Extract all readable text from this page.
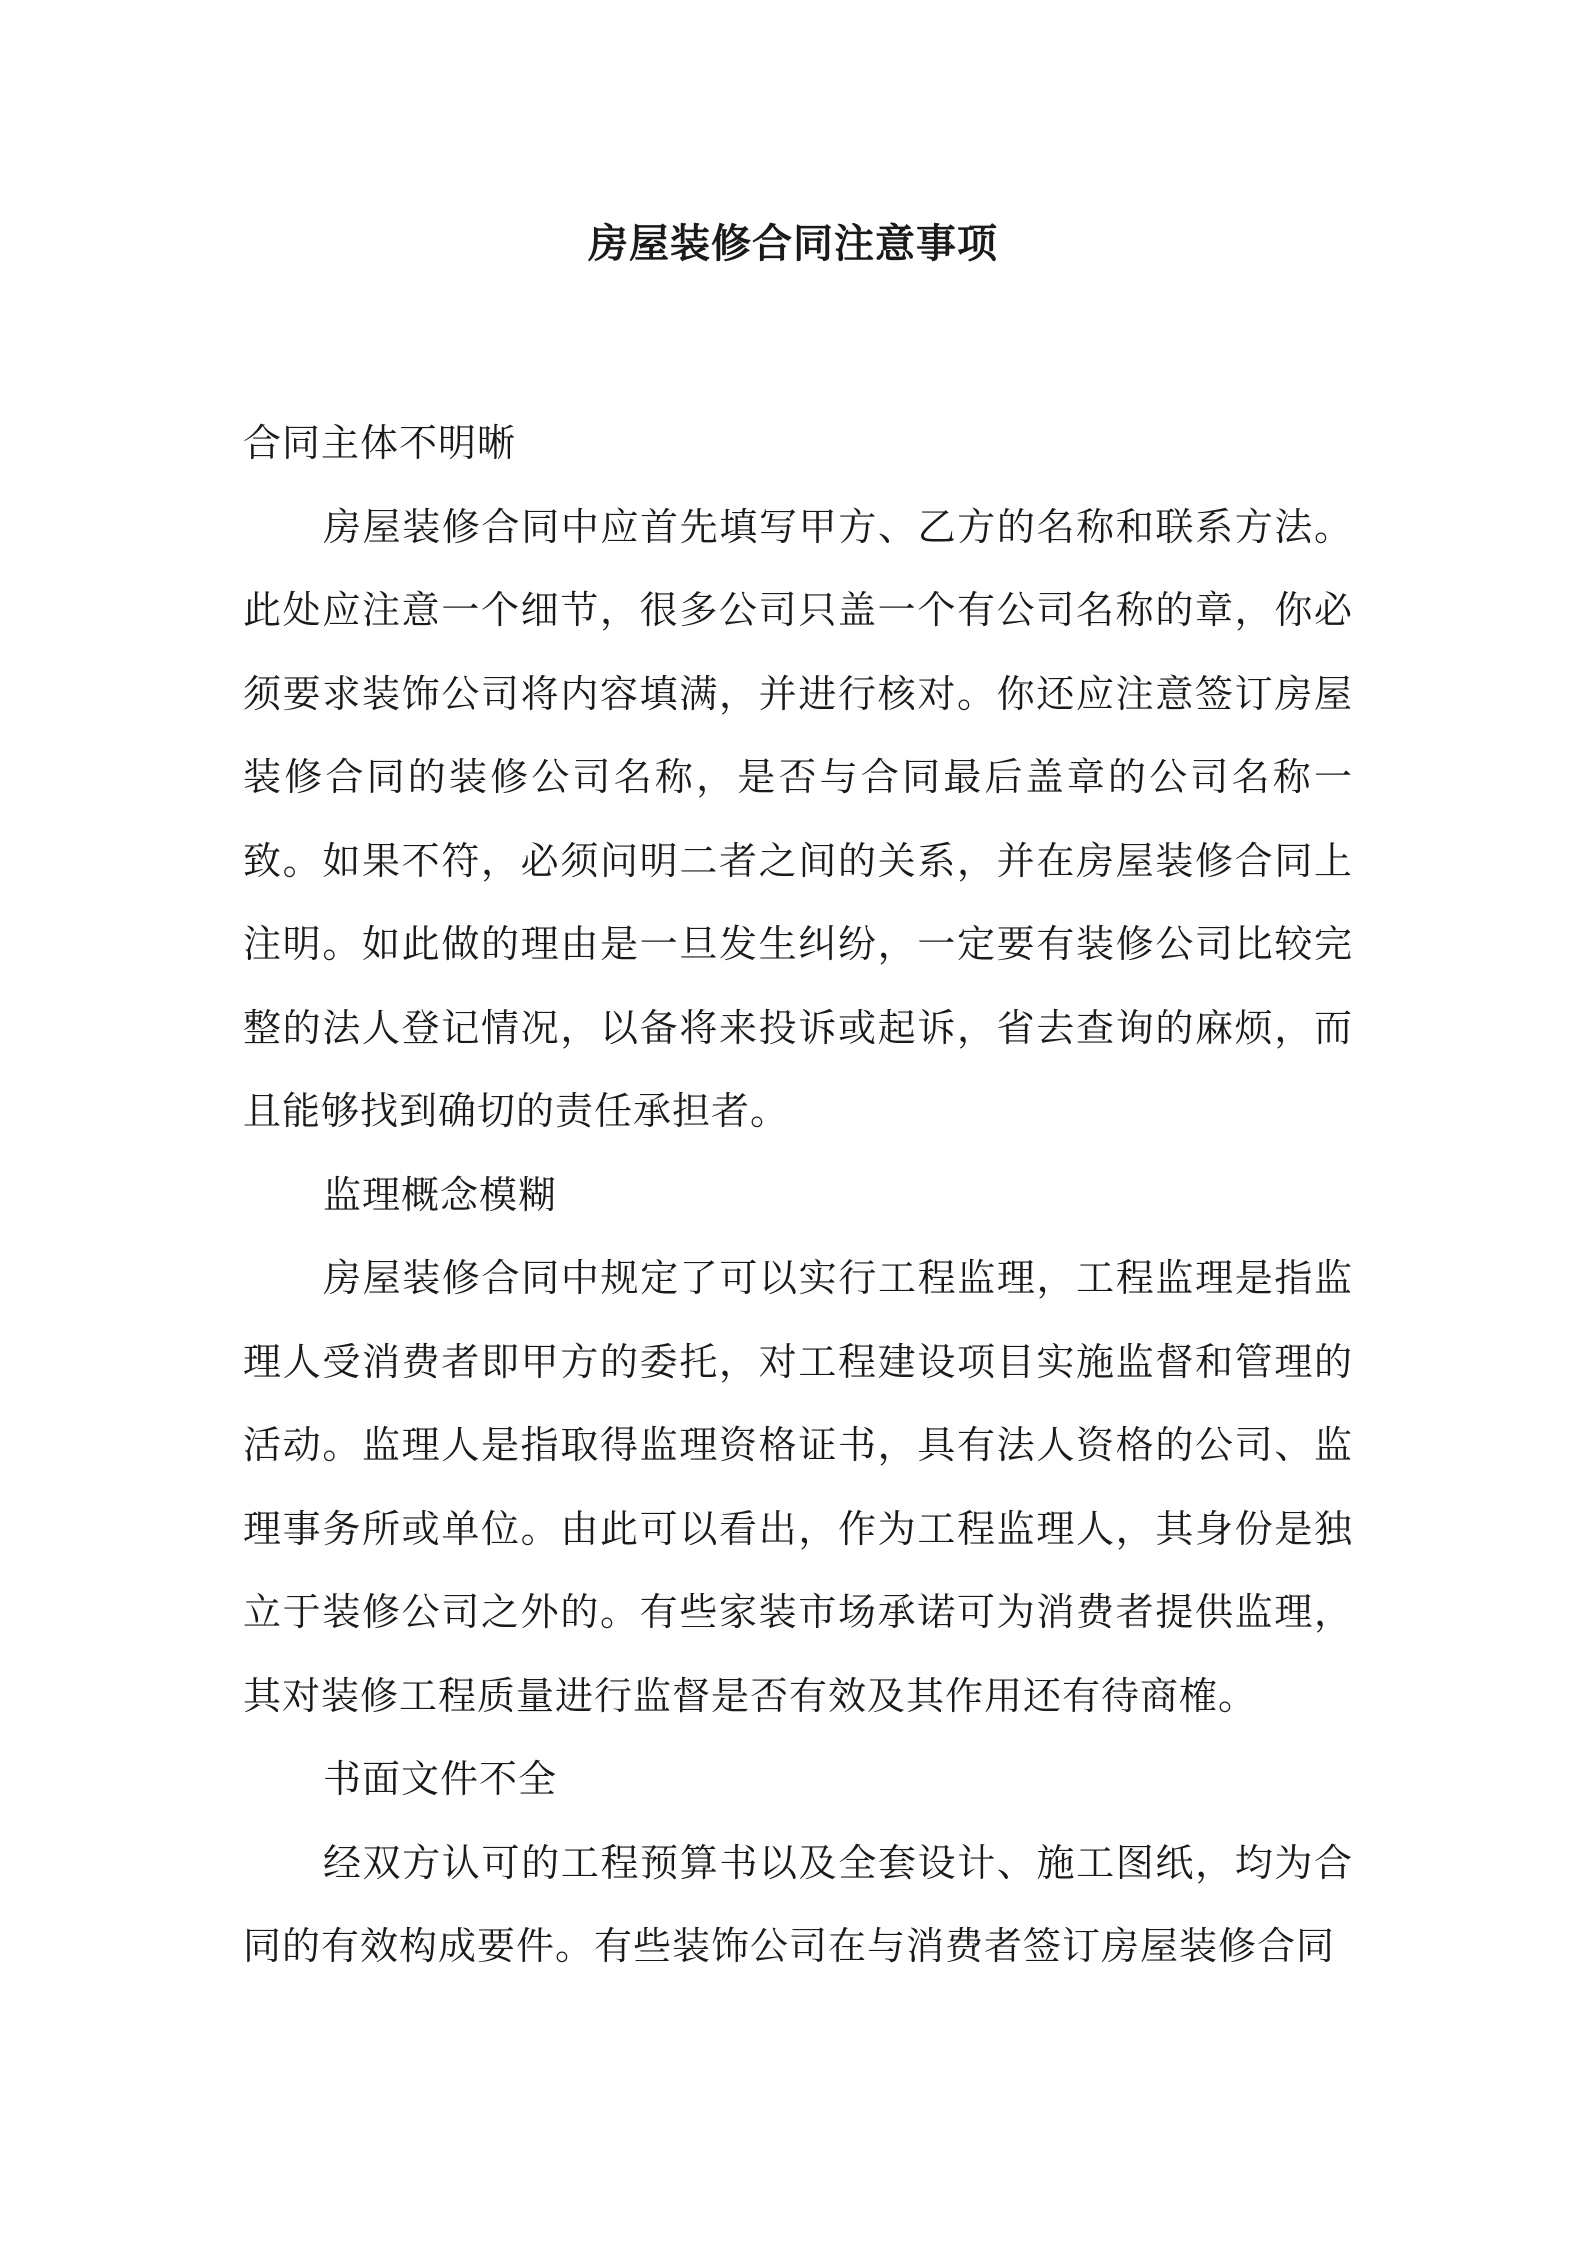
房屋装修合同注意事项

合同主体不明晰

房屋装修合同中应首先填写甲方、乙方的名称和联系方法。此处应注意一个细节，很多公司只盖一个有公司名称的章，你必须要求装饰公司将内容填满，并进行核对。你还应注意签订房屋装修合同的装修公司名称，是否与合同最后盖章的公司名称一致。如果不符，必须问明二者之间的关系，并在房屋装修合同上注明。如此做的理由是一旦发生纠纷，一定要有装修公司比较完整的法人登记情况，以备将来投诉或起诉，省去查询的麻烦，而且能够找到确切的责任承担者。

监理概念模糊

房屋装修合同中规定了可以实行工程监理，工程监理是指监理人受消费者即甲方的委托，对工程建设项目实施监督和管理的活动。监理人是指取得监理资格证书，具有法人资格的公司、监理事务所或单位。由此可以看出，作为工程监理人，其身份是独立于装修公司之外的。有些家装市场承诺可为消费者提供监理，其对装修工程质量进行监督是否有效及其作用还有待商榷。

书面文件不全

经双方认可的工程预算书以及全套设计、施工图纸，均为合同的有效构成要件。有些装饰公司在与消费者签订房屋装修合同
